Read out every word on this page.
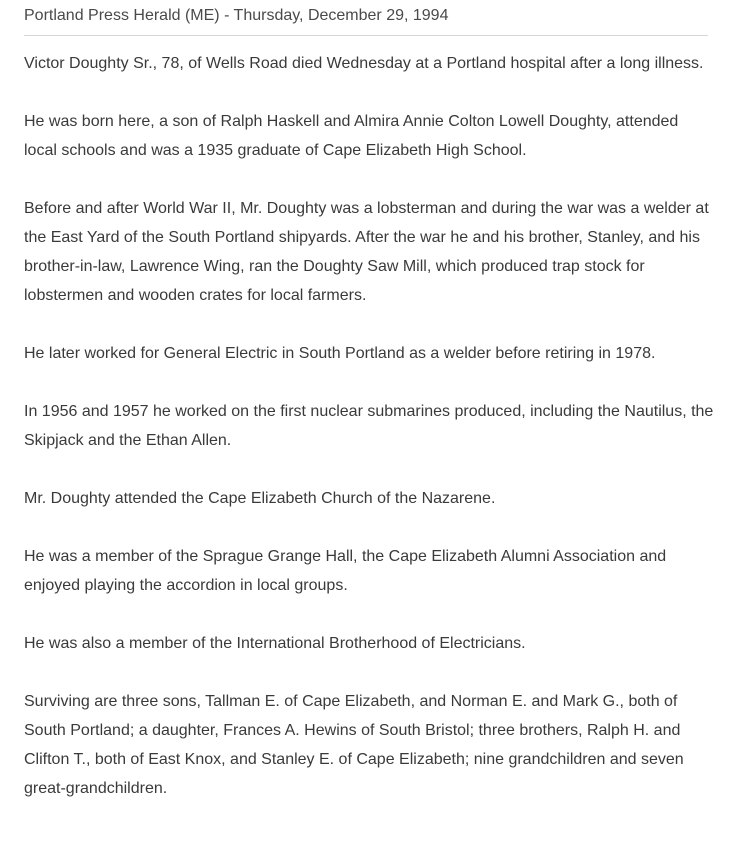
Portland Press Herald (ME) - Thursday, December 29, 1994

Victor Doughty Sr., 78, of Wells Road died Wednesday at a Portland hospital after a long illness.

He was born here, a son of Ralph Haskell and Almira Annie Colton Lowell Doughty, attended local schools and was a 1935 graduate of Cape Elizabeth High School.

Before and after World War II, Mr. Doughty was a lobsterman and during the war was a welder at the East Yard of the South Portland shipyards. After the war he and his brother, Stanley, and his brother-in-law, Lawrence Wing, ran the Doughty Saw Mill, which produced trap stock for lobstermen and wooden crates for local farmers.

He later worked for General Electric in South Portland as a welder before retiring in 1978.

In 1956 and 1957 he worked on the first nuclear submarines produced, including the Nautilus, the Skipjack and the Ethan Allen.

Mr. Doughty attended the Cape Elizabeth Church of the Nazarene.

He was a member of the Sprague Grange Hall, the Cape Elizabeth Alumni Association and enjoyed playing the accordion in local groups.

He was also a member of the International Brotherhood of Electricians.

Surviving are three sons, Tallman E. of Cape Elizabeth, and Norman E. and Mark G., both of South Portland; a daughter, Frances A. Hewins of South Bristol; three brothers, Ralph H. and Clifton T., both of East Knox, and Stanley E. of Cape Elizabeth; nine grandchildren and seven great-grandchildren.
